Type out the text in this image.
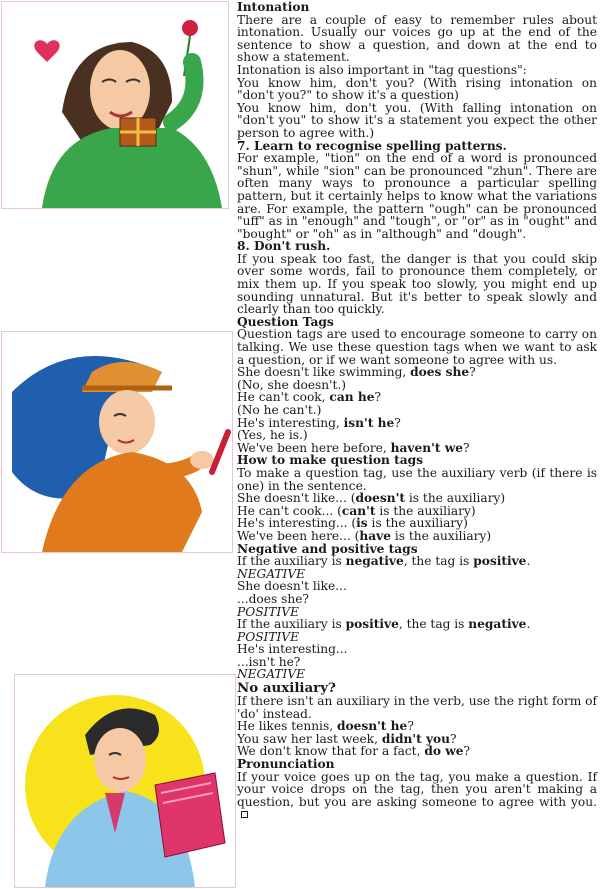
Intonation

There are a couple of easy to remember rules about intonation. Usually our voices go up at the end of the sentence to show a question, and down at the end to show a statement.

Intonation is also important in "tag questions":

You know him, don't you? (With rising intonation on "don't you?" to show it's a question)

You know him, don't you. (With falling intonation on "don't you" to show it's a statement you expect the other person to agree with.)

7. Learn to recognise spelling patterns.

For example, "tion" on the end of a word is pronounced "shun", while "sion" can be pronounced "zhun". There are often many ways to pronounce a particular spelling pattern, but it certainly helps to know what the variations are. For example, the pattern "ough" can be pronounced "uff" as in "enough" and "tough", or "or" as in "ought" and "bought" or "oh" as in "although" and "dough".

8. Don't rush.

If you speak too fast, the danger is that you could skip over some words, fail to pronounce them completely, or mix them up. If you speak too slowly, you might end up sounding unnatural. But it's better to speak slowly and clearly than too quickly.

Question Tags

Question tags are used to encourage someone to carry on talking. We use these question tags when we want to ask a question, or if we want someone to agree with us.

She doesn't like swimming, does she?

(No, she doesn't.)

He can't cook, can he?

(No he can't.)

He's interesting, isn't he?

(Yes, he is.)

We've been here before, haven't we?

How to make question tags

To make a question tag, use the auxiliary verb (if there is one) in the sentence.

She doesn't like... (doesn't is the auxiliary)

He can't cook... (can't is the auxiliary)

He's interesting... (is is the auxiliary)

We've been here... (have is the auxiliary)

Negative and positive tags

If the auxiliary is negative, the tag is positive.

NEGATIVE

She doesn't like...

...does she?

POSITIVE

If the auxiliary is positive, the tag is negative.

POSITIVE

He's interesting...

...isn't he?

NEGATIVE

No auxiliary?

If there isn't an auxiliary in the verb, use the right form of 'do' instead.

He likes tennis, doesn't he?

You saw her last week, didn't you?

We don't know that for a fact, do we?

Pronunciation

If your voice goes up on the tag, you make a question. If your voice drops on the tag, then you aren't making a question, but you are asking someone to agree with you.
